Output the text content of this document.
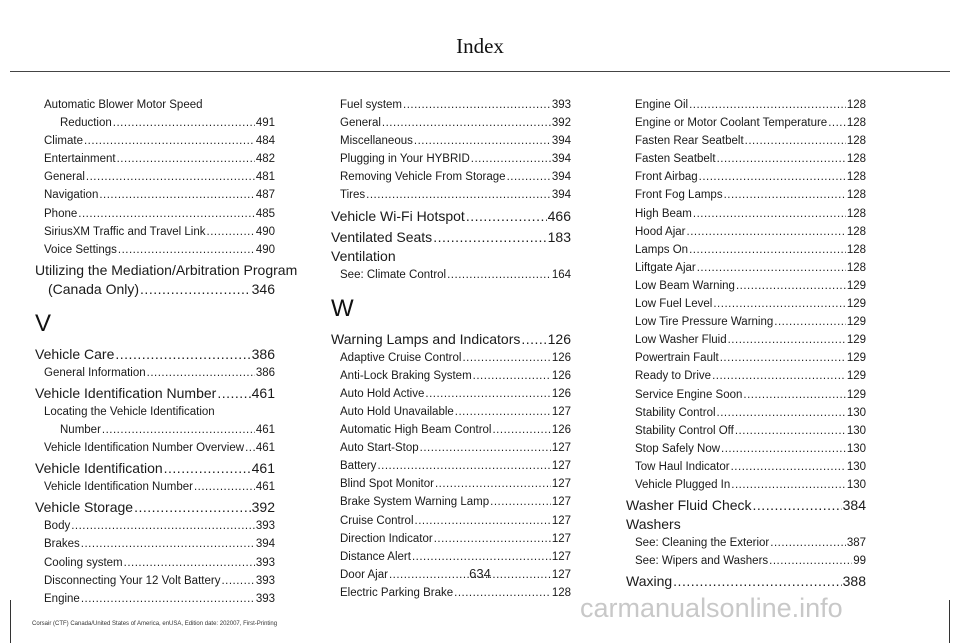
Index
Automatic Blower Motor Speed
Reduction .....	491
Climate .....	484
Entertainment .....	482
General .....	481
Navigation .....	487
Phone .....	485
SiriusXM Traffic and Travel Link .....	490
Voice Settings .....	490
Utilizing the Mediation/Arbitration Program
(Canada Only) .....	346
V
Vehicle Care .....	386
General Information .....	386
Vehicle Identification Number .....	461
Locating the Vehicle Identification
Number .....	461
Vehicle Identification Number Overview ..... 461
Vehicle Identification .....	461
Vehicle Identification Number .....	461
Vehicle Storage .....	392
Body .....	393
Brakes .....	394
Cooling system .....	393
Disconnecting Your 12 Volt Battery .....	393
Engine .....	393
Fuel system .....	393
General .....	392
Miscellaneous .....	394
Plugging in Your HYBRID .....	394
Removing Vehicle From Storage .....	394
Tires .....	394
Vehicle Wi-Fi Hotspot .....	466
Ventilated Seats .....	183
Ventilation
See: Climate Control .....	164
W
Warning Lamps and Indicators ..... 126
Adaptive Cruise Control .....	126
Anti-Lock Braking System .....	126
Auto Hold Active .....	126
Auto Hold Unavailable .....	127
Automatic High Beam Control .....	126
Auto Start-Stop .....	127
Battery .....	127
Blind Spot Monitor .....	127
Brake System Warning Lamp .....	127
Cruise Control .....	127
Direction Indicator .....	127
Distance Alert .....	127
Door Ajar .....	127
Electric Parking Brake .....	128
Engine Oil .....	128
Engine or Motor Coolant Temperature ..... 128
Fasten Rear Seatbelt .....	128
Fasten Seatbelt .....	128
Front Airbag .....	128
Front Fog Lamps .....	128
High Beam .....	128
Hood Ajar .....	128
Lamps On .....	128
Liftgate Ajar .....	128
Low Beam Warning .....	129
Low Fuel Level .....	129
Low Tire Pressure Warning .....	129
Low Washer Fluid .....	129
Powertrain Fault .....	129
Ready to Drive .....	129
Service Engine Soon .....	129
Stability Control .....	130
Stability Control Off .....	130
Stop Safely Now .....	130
Tow Haul Indicator .....	130
Vehicle Plugged In .....	130
Washer Fluid Check .....	384
Washers
See: Cleaning the Exterior .....	387
See: Wipers and Washers .....	99
Waxing .....	388
634
Corsair (CTF) Canada/United States of America, enUSA, Edition date: 202007, First-Printing
carmanualsonline.info
